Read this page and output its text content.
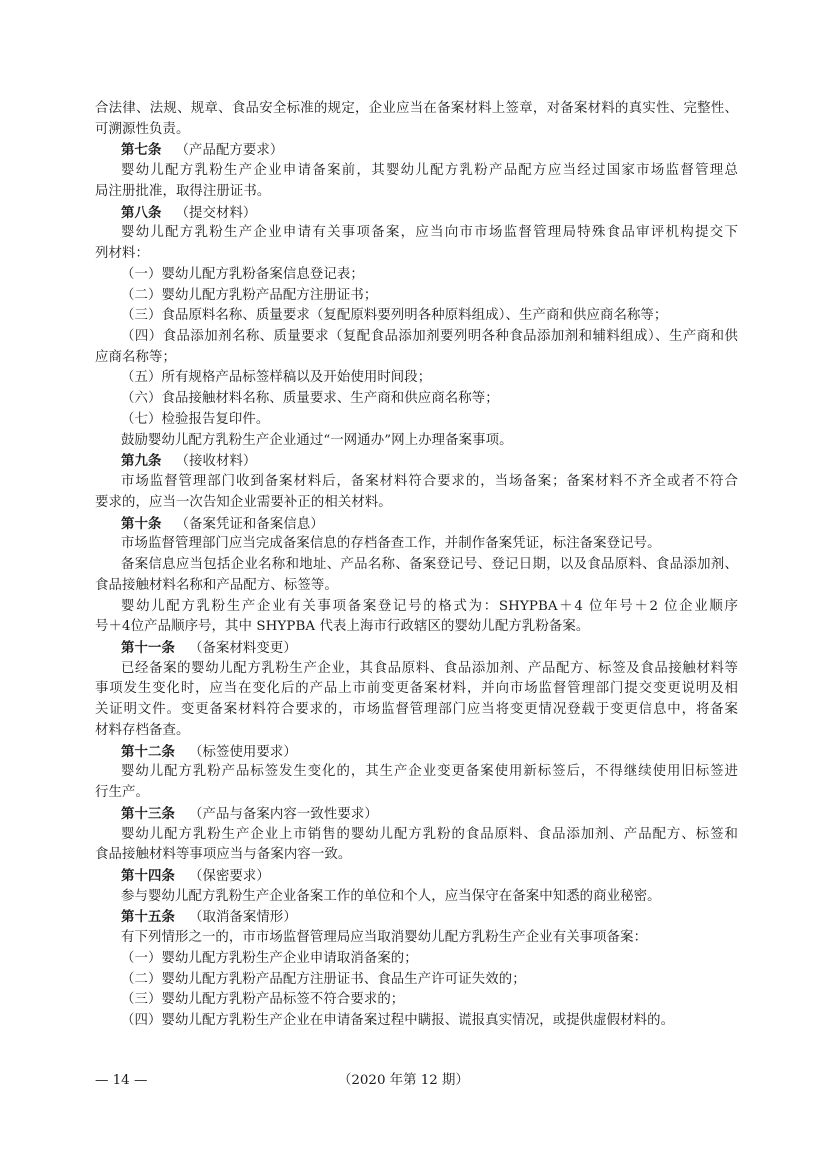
合法律、法规、规章、食品安全标准的规定，企业应当在备案材料上签章，对备案材料的真实性、完整性、
可溯源性负责。
第七条 （产品配方要求）
婴幼儿配方乳粉生产企业申请备案前，其婴幼儿配方乳粉产品配方应当经过国家市场监督管理总
局注册批准，取得注册证书。
第八条 （提交材料）
婴幼儿配方乳粉生产企业申请有关事项备案，应当向市市场监督管理局特殊食品审评机构提交下
列材料：
（一）婴幼儿配方乳粉备案信息登记表；
（二）婴幼儿配方乳粉产品配方注册证书；
（三）食品原料名称、质量要求（复配原料要列明各种原料组成）、生产商和供应商名称等；
（四）食品添加剂名称、质量要求（复配食品添加剂要列明各种食品添加剂和辅料组成）、生产商和供
应商名称等；
（五）所有规格产品标签样稿以及开始使用时间段；
（六）食品接触材料名称、质量要求、生产商和供应商名称等；
（七）检验报告复印件。
鼓励婴幼儿配方乳粉生产企业通过“一网通办”网上办理备案事项。
第九条 （接收材料）
市场监督管理部门收到备案材料后，备案材料符合要求的，当场备案；备案材料不齐全或者不符合
要求的，应当一次告知企业需要补正的相关材料。
第十条 （备案凭证和备案信息）
市场监督管理部门应当完成备案信息的存档备查工作，并制作备案凭证，标注备案登记号。
备案信息应当包括企业名称和地址、产品名称、备案登记号、登记日期，以及食品原料、食品添加剂、
食品接触材料名称和产品配方、标签等。
婴幼儿配方乳粉生产企业有关事项备案登记号的格式为：SHYPBA＋4 位年号＋2 位企业顺序
号＋4位产品顺序号，其中 SHYPBA 代表上海市行政辖区的婴幼儿配方乳粉备案。
第十一条 （备案材料变更）
已经备案的婴幼儿配方乳粉生产企业，其食品原料、食品添加剂、产品配方、标签及食品接触材料等
事项发生变化时，应当在变化后的产品上市前变更备案材料，并向市场监督管理部门提交变更说明及相
关证明文件。变更备案材料符合要求的，市场监督管理部门应当将变更情况登载于变更信息中，将备案
材料存档备查。
第十二条 （标签使用要求）
婴幼儿配方乳粉产品标签发生变化的，其生产企业变更备案使用新标签后，不得继续使用旧标签进
行生产。
第十三条 （产品与备案内容一致性要求）
婴幼儿配方乳粉生产企业上市销售的婴幼儿配方乳粉的食品原料、食品添加剂、产品配方、标签和
食品接触材料等事项应当与备案内容一致。
第十四条 （保密要求）
参与婴幼儿配方乳粉生产企业备案工作的单位和个人，应当保守在备案中知悉的商业秘密。
第十五条 （取消备案情形）
有下列情形之一的，市市场监督管理局应当取消婴幼儿配方乳粉生产企业有关事项备案：
（一）婴幼儿配方乳粉生产企业申请取消备案的；
（二）婴幼儿配方乳粉产品配方注册证书、食品生产许可证失效的；
（三）婴幼儿配方乳粉产品标签不符合要求的；
（四）婴幼儿配方乳粉生产企业在申请备案过程中瞒报、谎报真实情况，或提供虚假材料的。
— 14 —	（2020 年第 12 期）
